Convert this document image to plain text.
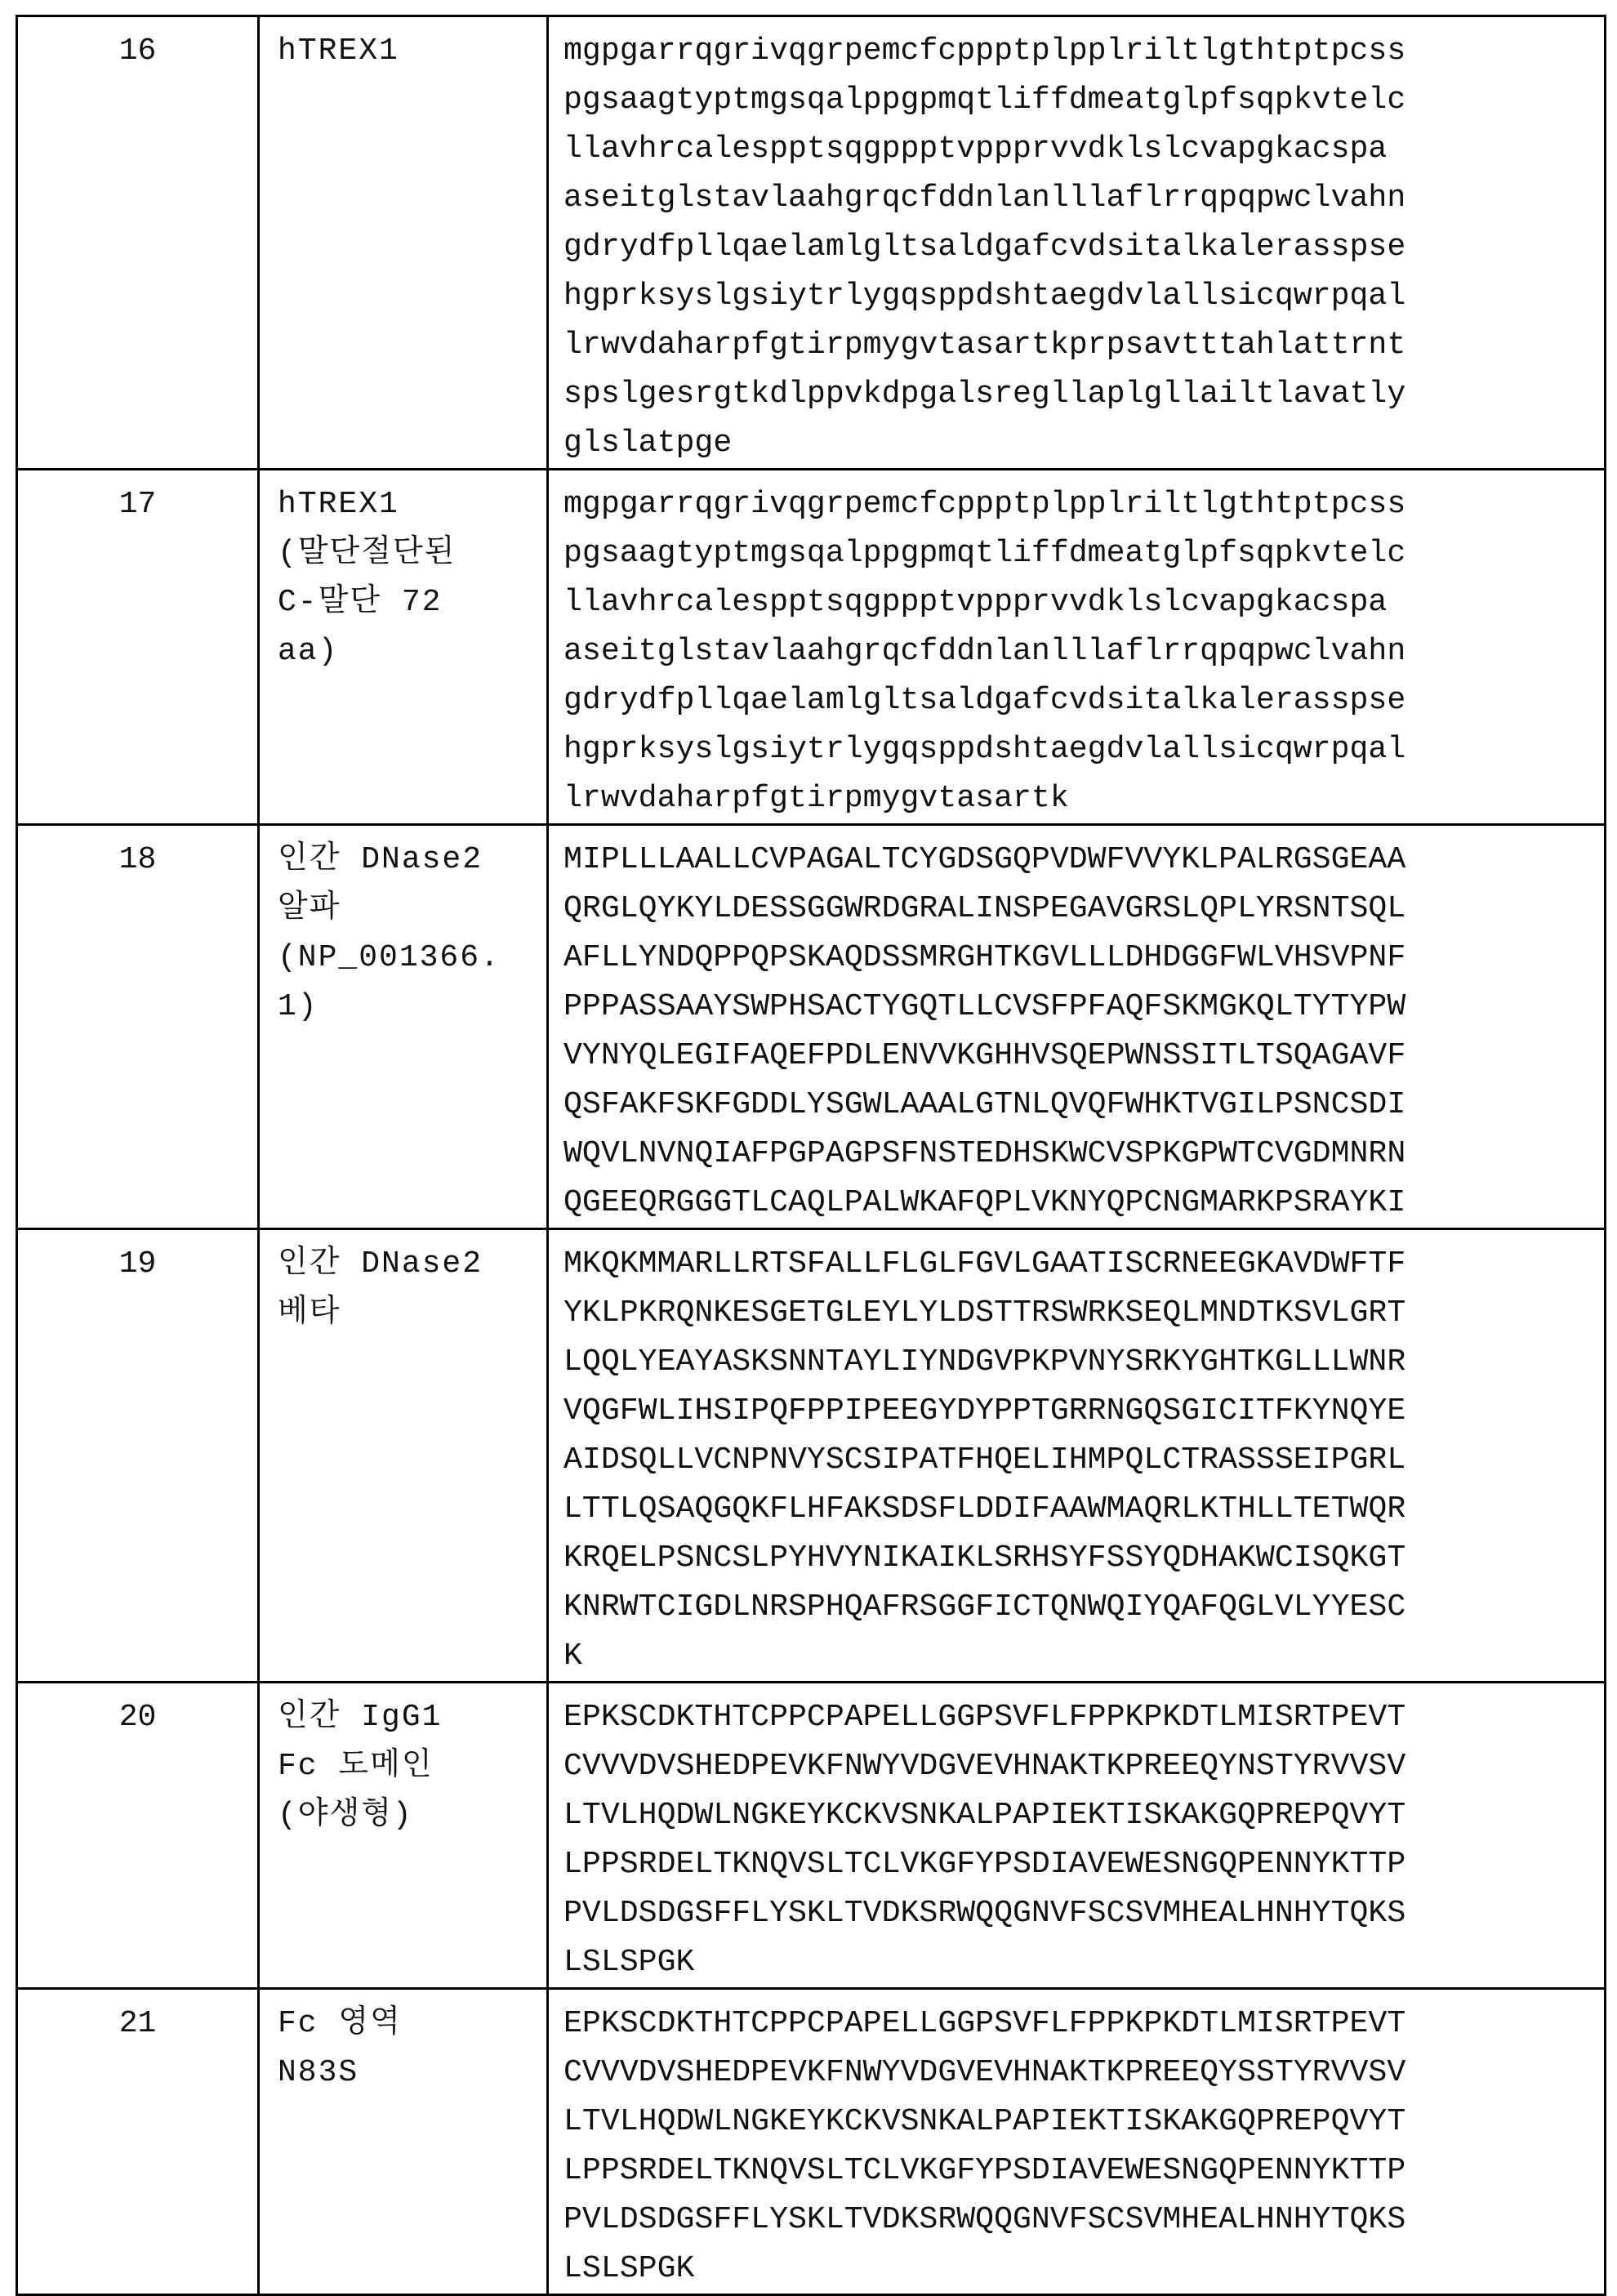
16	hTREX1	mgpgarrqgrivqgrpemcfcppptplpplriltlgthtptpcss
pgsaagtyptmgsqalppgpmqtliffdmeatglpfsqpkvtelc
llavhrcalespptsqgppptvppprvvdklslcvapgkacspa
aseitglstavlaahgrqcfddnlanlllaflrrqpqpwclvahn
gdrydfpllqaelamlgltsaldgafcvdsitalkalerasspse
hgprksyslgsiytrlygqsppdshtaegdvlallsicqwrpqal
lrwvdaharpfgtirpmygvtasartkprpsavtttahlattrnt
spslgesrgtkdlppvkdpgalsregllaplgllailtlavatly
glslatpge

17	hTREX1
(말단절단된
C-말단 72
aa)

mgpgarrqgrivqgrpemcfcppptplpplriltlgthtptpcss
pgsaagtyptmgsqalppgpmqtliffdmeatglpfsqpkvtelc
llavhrcalespptsqgppptvppprvvdklslcvapgkacspa
aseitglstavlaahgrqcfddnlanlllaflrrqpqpwclvahn
gdrydfpllqaelamlgltsaldgafcvdsitalkalerasspse
hgprksyslgsiytrlygqsppdshtaegdvlallsicqwrpqal
lrwvdaharpfgtirpmygvtasartk

18	인간 DNase2
알파
(NP_001366.
1)

MIPLLLAALLCVPAGALTCYGDSGQPVDWFVVYKLPALRGSGEAA
QRGLQYKYLDESSGGWRDGRALINSPEGAVGRSLQPLYRSNTSQL
AFLLYNDQPPQPSKAQDSSMRGHTKGVLLLDHDGGFWLVHSVPNF
PPPASSAAYSWPHSACTYGQTLLCVSFPFAQFSKMGKQLTYTYPW
VYNYQLEGIFAQEFPDLENVVKGHHVSQEPWNSSITLTSQAGAVF
QSFAKFSKFGDDLYSGWLAAALGTNLQVQFWHKTVGILPSNCSDI
WQVLNVNQIAFPGPAGPSFNSTEDHSKWCVSPKGPWTCVGDMNRN
QGEEQRGGGTLCAQLPALWKAFQPLVKNYQPCNGMARKPSRAYKI

19	인간 DNase2
베타

MKQKMMARLLRTSFALLFLGLFGVLGAATISCRNEEGKAVDWFTF
YKLPKRQNKESGETGLEYLYLDSTTRSWRKSEQLMNDTKSVLGRT
LQQLYEAYASKSNNTAYLIYNDGVPKPVNYSRKYGHTKGLLLWNR
VQGFWLIHSIPQFPPIPEEGYDYPPTGRRNGQSGICITFKYNQYE
AIDSQLLVCNPNVYSCSIPATFHQELIHMPQLCTRASSSEIPGRL
LTTLQSAQGQKFLHFAKSDSFLDDIFAAWMAQRLKTHLLTETWQR
KRQELPSNCSLPYHVYNIKAIKLSRHSYFSSYQDHAKWCISQKGT
KNRWTCIGDLNRSPHQAFRSGGFICTQNWQIYQAFQGLVLYYESC
K

20	인간 IgG1
Fc 도메인
(야생형)

EPKSCDKTHTCPPCPAPELLGGPSVFLFPPKPKDTLMISRTPEVT
CVVVDVSHEDPEVKFNWYVDGVEVHNAKTKPREEQYNSTYRVVSV
LTVLHQDWLNGKEYKCKVSNKALPAPIEKTISKAKGQPREPQVYT
LPPSRDELTKNQVSLTCLVKGFYPSDIAVEWESNGQPENNYKTTP
PVLDSDGSFFLYSKLTVDKSRWQQGNVFSCSVMHEALHNHYTQKS
LSLSPGK

21	Fc 영역
N83S

EPKSCDKTHTCPPCPAPELLGGPSVFLFPPKPKDTLMISRTPEVT
CVVVDVSHEDPEVKFNWYVDGVEVHNAKTKPREEQYSSTYRVVSV
LTVLHQDWLNGKEYKCKVSNKALPAPIEKTISKAKGQPREPQVYT
LPPSRDELTKNQVSLTCLVKGFYPSDIAVEWESNGQPENNYKTTP
PVLDSDGSFFLYSKLTVDKSRWQQGNVFSCSVMHEALHNHYTQKS
LSLSPGK
